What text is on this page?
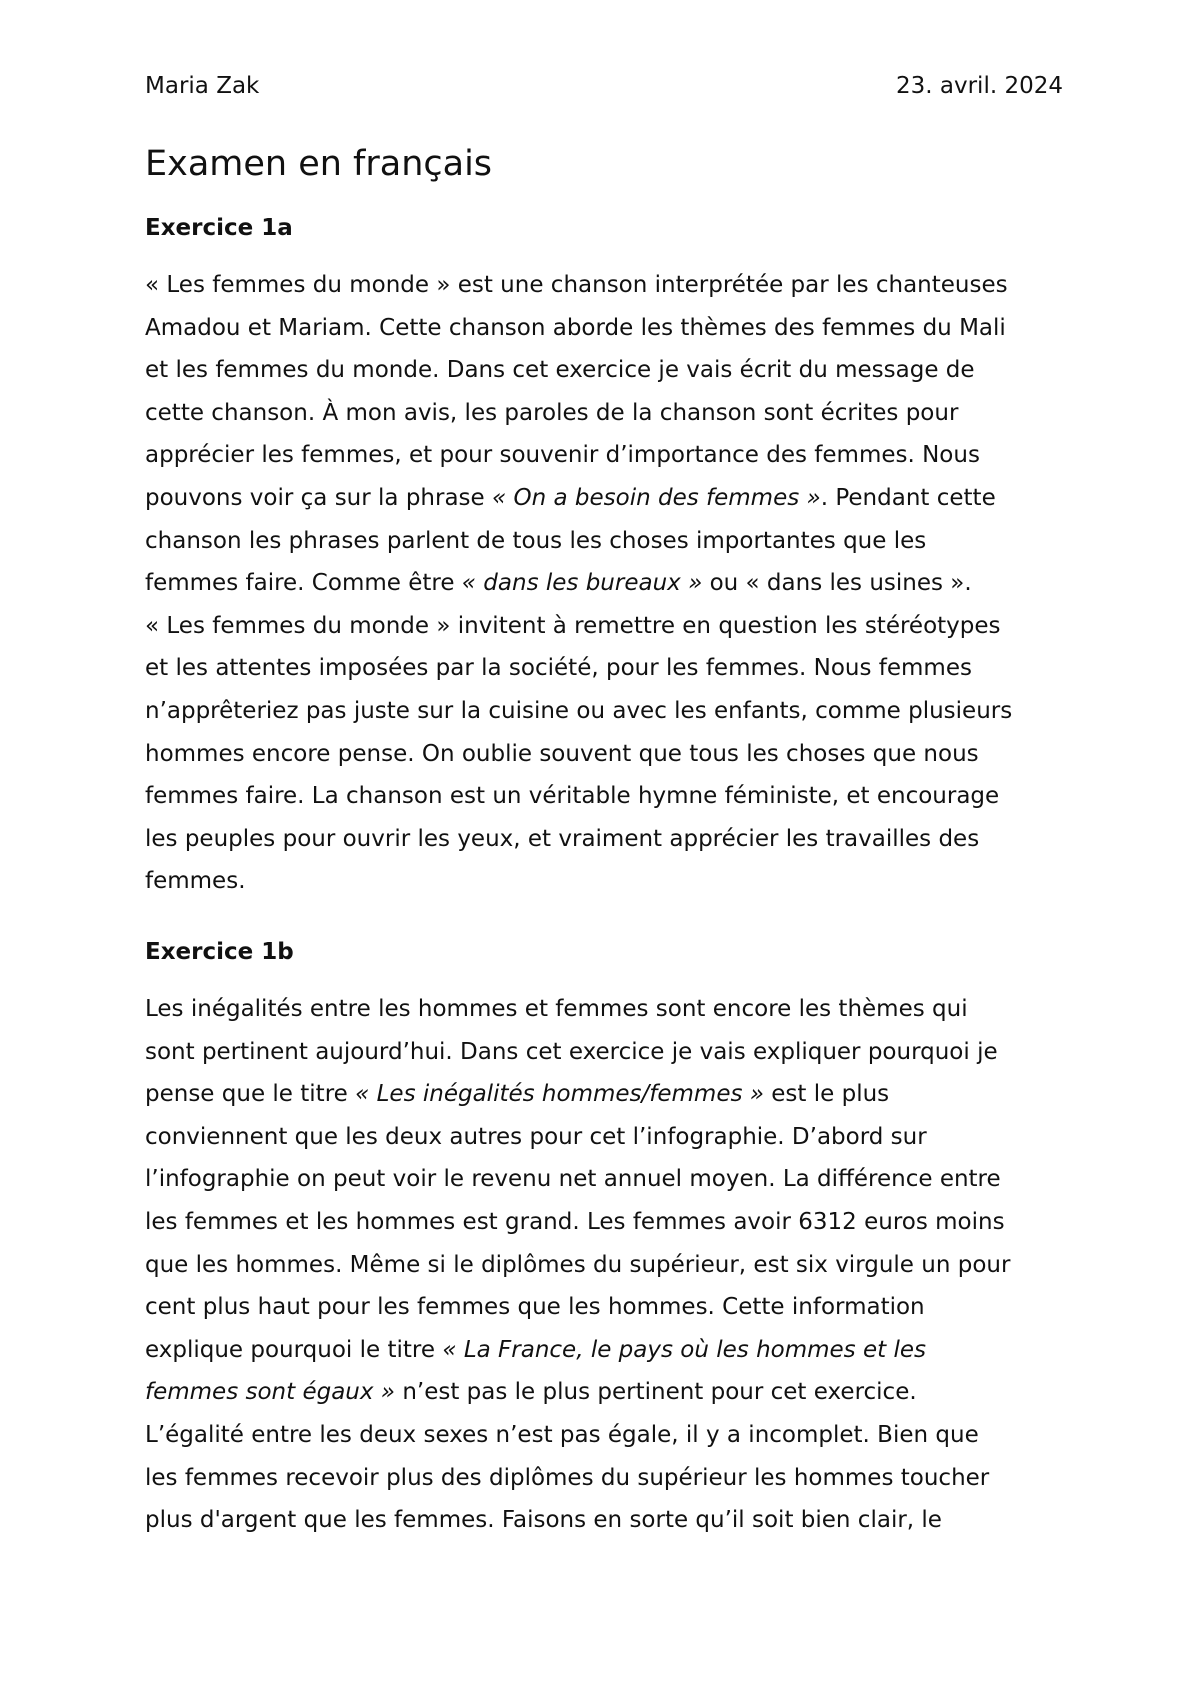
Maria Zak	23. avril. 2024
Examen en français
Exercice 1a
« Les femmes du monde » est une chanson interprétée par les chanteuses
Amadou et Mariam. Cette chanson aborde les thèmes des femmes du Mali
et les femmes du monde. Dans cet exercice je vais écrit du message de
cette chanson. À mon avis, les paroles de la chanson sont écrites pour
apprécier les femmes, et pour souvenir d’importance des femmes. Nous
pouvons voir ça sur la phrase « On a besoin des femmes ». Pendant cette
chanson les phrases parlent de tous les choses importantes que les
femmes faire. Comme être « dans les bureaux » ou « dans les usines ».
« Les femmes du monde » invitent à remettre en question les stéréotypes
et les attentes imposées par la société, pour les femmes. Nous femmes
n’apprêteriez pas juste sur la cuisine ou avec les enfants, comme plusieurs
hommes encore pense. On oublie souvent que tous les choses que nous
femmes faire. La chanson est un véritable hymne féministe, et encourage
les peuples pour ouvrir les yeux, et vraiment apprécier les travailles des
femmes.
Exercice 1b
Les inégalités entre les hommes et femmes sont encore les thèmes qui
sont pertinent aujourd’hui. Dans cet exercice je vais expliquer pourquoi je
pense que le titre « Les inégalités hommes/femmes » est le plus
conviennent que les deux autres pour cet l’infographie. D’abord sur
l’infographie on peut voir le revenu net annuel moyen. La différence entre
les femmes et les hommes est grand. Les femmes avoir 6312 euros moins
que les hommes. Même si le diplômes du supérieur, est six virgule un pour
cent plus haut pour les femmes que les hommes. Cette information
explique pourquoi le titre « La France, le pays où les hommes et les
femmes sont égaux » n’est pas le plus pertinent pour cet exercice.
L’égalité entre les deux sexes n’est pas égale, il y a incomplet. Bien que
les femmes recevoir plus des diplômes du supérieur les hommes toucher
plus d'argent que les femmes. Faisons en sorte qu’il soit bien clair, le
